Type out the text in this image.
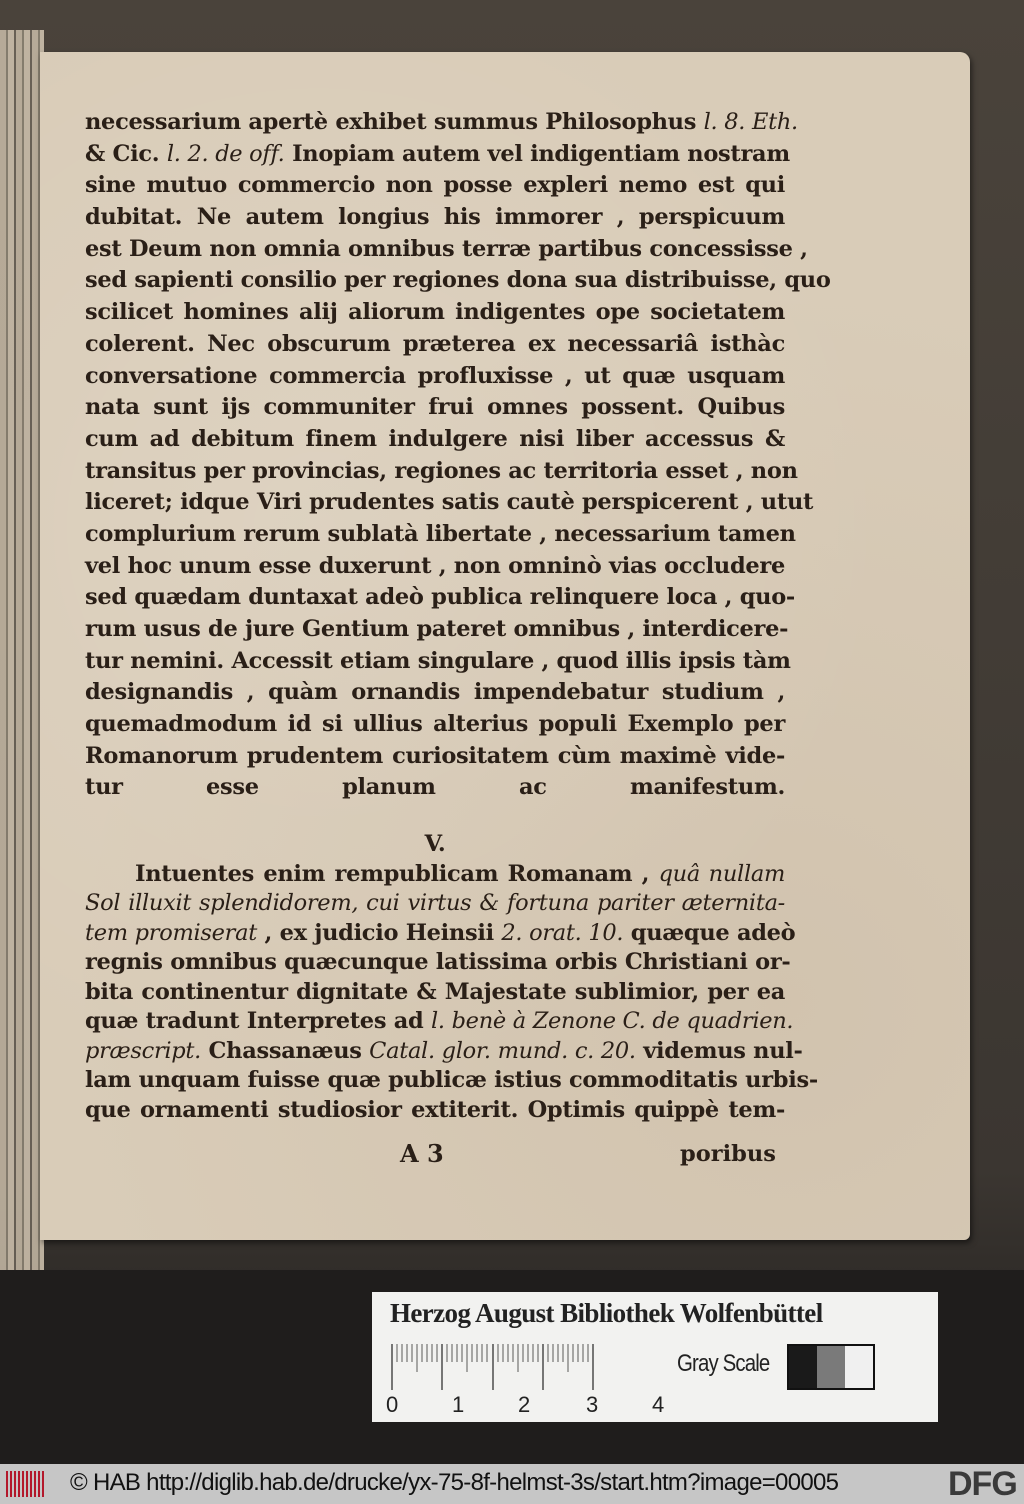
necessarium apertè exhibet summus Philosophus l. 8. Eth.
& Cic. l. 2. de off. Inopiam autem vel indigentiam nostram
sine mutuo commercio non posse expleri nemo est qui
dubitat. Ne autem longius his immorer , perspicuum
est Deum non omnia omnibus terræ partibus concessisse ,
sed sapienti consilio per regiones dona sua distribuisse, quo
scilicet homines alij aliorum indigentes ope societatem
colerent. Nec obscurum præterea ex necessariâ isthàc
conversatione commercia profluxisse , ut quæ usquam
nata sunt ijs communiter frui omnes possent. Quibus
cum ad debitum finem indulgere nisi liber accessus &
transitus per provincias, regiones ac territoria esset , non
liceret; idque Viri prudentes satis cautè perspicerent , utut
complurium rerum sublatà libertate , necessarium tamen
vel hoc unum esse duxerunt , non omninò vias occludere
sed quædam duntaxat adeò publica relinquere loca , quo-
rum usus de jure Gentium pateret omnibus , interdicere-
tur nemini. Accessit etiam singulare , quod illis ipsis tàm
designandis , quàm ornandis impendebatur studium ,
quemadmodum id si ullius alterius populi Exemplo per
Romanorum prudentem curiositatem cùm maximè vide-
tur esse planum ac manifestum.
V.
Intuentes enim rempublicam Romanam , quâ nullam
Sol illuxit splendidorem, cui virtus & fortuna pariter æternita-
tem promiserat , ex judicio Heinsii 2. orat. 10. quæque adeò
regnis omnibus quæcunque latissima orbis Christiani or-
bita continentur dignitate & Majestate sublimior, per ea
quæ tradunt Interpretes ad l. benè à Zenone C. de quadrien.
præscript. Chassanæus Catal. glor. mund. c. 20. videmus nul-
lam unquam fuisse quæ publicæ istius commoditatis urbis-
que ornamenti studiosior extiterit. Optimis quippè tem-
A 3	poribus
Herzog August Bibliothek Wolfenbüttel
0 1 2	3 4
Gray Scale
© HAB http://diglib.hab.de/drucke/yx-75-8f-helmst-3s/start.htm?image=00005	DFG
